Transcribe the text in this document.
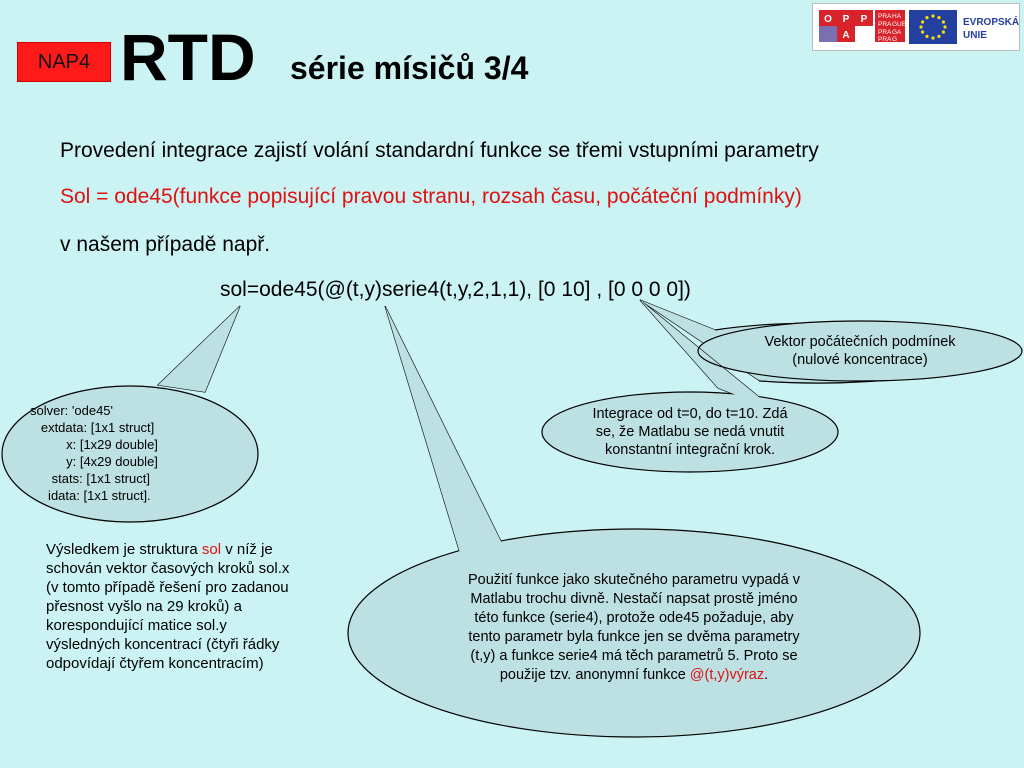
NAP4 RTD série mísičů 3/4
O P P
A
PRA HA
PRA GUE
PRA GA
PRA G
EVROPSKÁ
UNIE
Provedení integrace zajistí volání standardní funkce se třemi vstupními parametry
Sol = ode45(funkce popisující pravou stranu, rozsah času, počáteční podmínky)
v našem případě např.
sol=ode45(@(t,y)serie4(t,y,2,1,1), [0 10] , [0 0 0 0])
Vektor počátečních podmínek
(nulové koncentrace)
Integrace od t=0, do t=10. Zdá
se, že Matlabu se nedá vnutit
konstantní integrační krok.
solver: 'ode45'
extdata: [1x1 struct]
x: [1x29 double]
y: [4x29 double]
stats: [1x1 struct]
idata: [1x1 struct].
Použití funkce jako skutečného parametru vypadá v
Matlabu trochu divně. Nestačí napsat prostě jméno
této funkce (serie4), protože ode45 požaduje, aby
tento parametr byla funkce jen se dvěma parametry
(t,y) a funkce serie4 má těch parametrů 5. Proto se
použije tzv. anonymní funkce @(t,y)výraz.
Výsledkem je struktura sol v níž je schován vektor časových kroků sol.x (v tomto případě řešení pro zadanou přesnost vyšlo na 29 kroků) a korespondující matice sol.y výsledných koncentrací (čtyři řádky odpovídají čtyřem koncentracím)
